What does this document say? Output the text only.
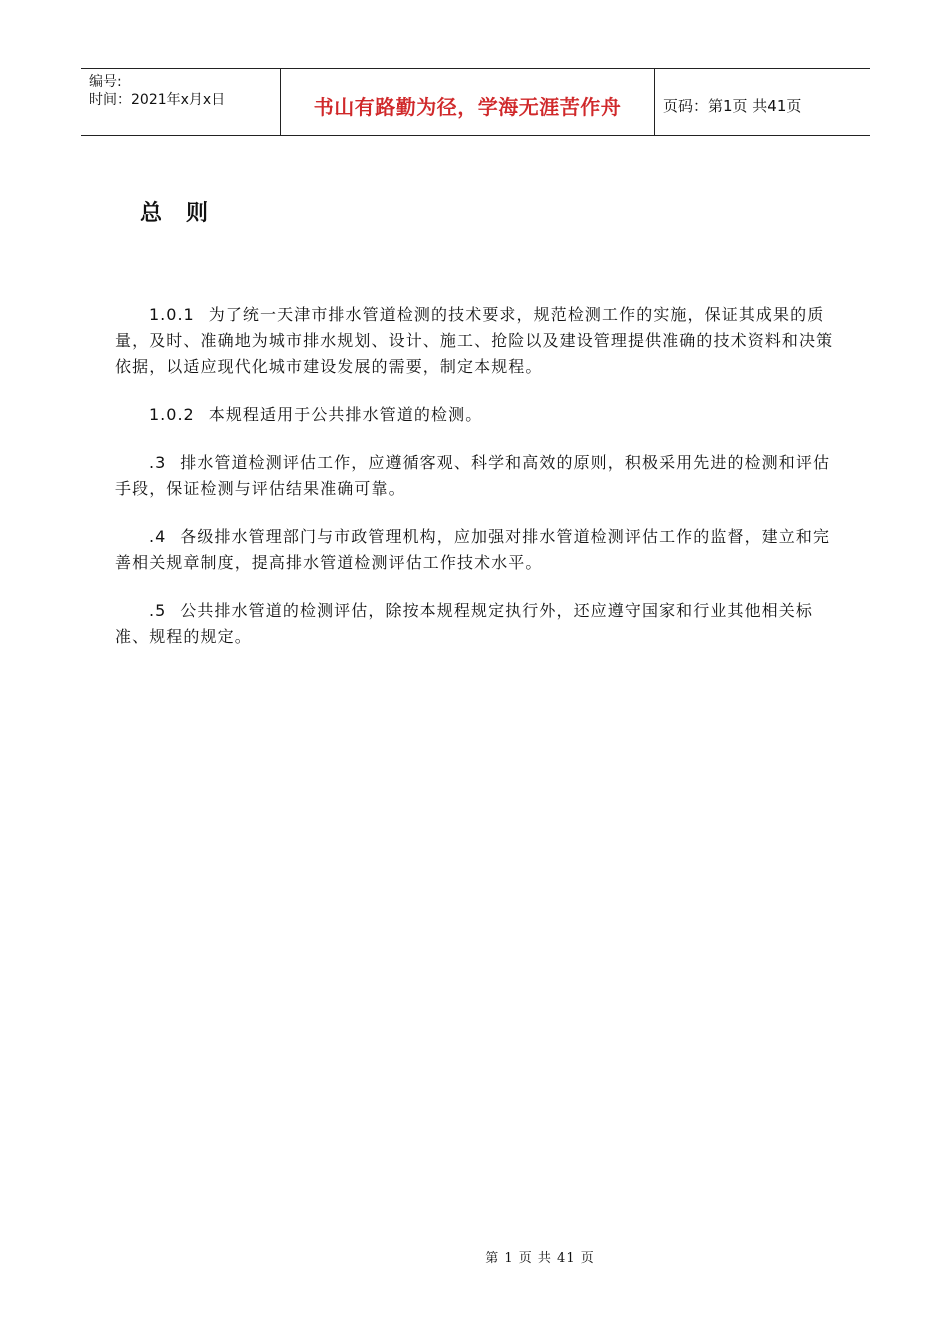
编号:
时间：2021年x月x日	书山有路勤为径，学海无涯苦作舟	页码：第1页 共41页
总则

1.0.1 为了统一天津市排水管道检测的技术要求，规范检测工作的实施，保证其成果的质量，及时、准确地为城市排水规划、设计、施工、抢险以及建设管理提供准确的技术资料和决策依据，以适应现代化城市建设发展的需要，制定本规程。

1.0.2 本规程适用于公共排水管道的检测。

.3 排水管道检测评估工作，应遵循客观、科学和高效的原则，积极采用先进的检测和评估手段，保证检测与评估结果准确可靠。

.4 各级排水管理部门与市政管理机构，应加强对排水管道检测评估工作的监督，建立和完善相关规章制度，提高排水管道检测评估工作技术水平。

.5 公共排水管道的检测评估，除按本规程规定执行外，还应遵守国家和行业其他相关标准、规程的规定。

第 1 页 共 41 页
